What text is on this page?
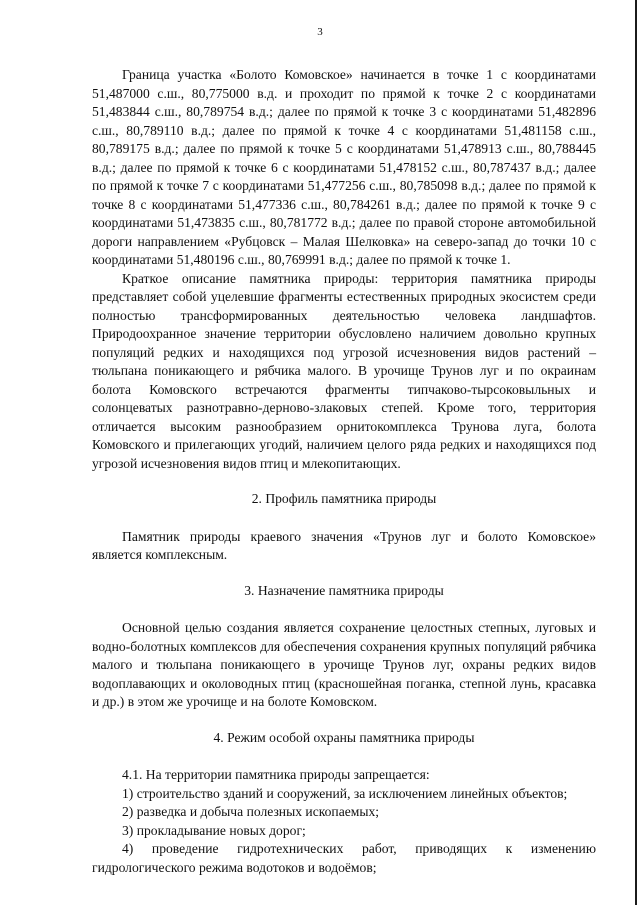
3

Граница участка «Болото Комовское» начинается в точке 1 с координатами 51,487000 с.ш., 80,775000 в.д. и проходит по прямой к точке 2 с координатами 51,483844 с.ш., 80,789754 в.д.; далее по прямой к точке 3 с координатами 51,482896 с.ш., 80,789110 в.д.; далее по прямой к точке 4 с координатами 51,481158 с.ш., 80,789175 в.д.; далее по прямой к точке 5 с координатами 51,478913 с.ш., 80,788445 в.д.; далее по прямой к точке 6 с координатами 51,478152 с.ш., 80,787437 в.д.; далее по прямой к точке 7 с координатами 51,477256 с.ш., 80,785098 в.д.; далее по прямой к точке 8 с координатами 51,477336 с.ш., 80,784261 в.д.; далее по прямой к точке 9 с координатами 51,473835 с.ш., 80,781772 в.д.; далее по правой стороне автомобильной дороги направлением «Рубцовск – Малая Шелковка» на северо-запад до точки 10 с координатами 51,480196 с.ш., 80,769991 в.д.; далее по прямой к точке 1.

Краткое описание памятника природы: территория памятника природы представляет собой уцелевшие фрагменты естественных природных экосистем среди полностью трансформированных деятельностью человека ландшафтов. Природоохранное значение территории обусловлено наличием довольно крупных популяций редких и находящихся под угрозой исчезновения видов растений – тюльпана поникающего и рябчика малого. В урочище Трунов луг и по окраинам болота Комовского встречаются фрагменты типчаково-тырсоковыльных и солонцеватых разнотравно-дерново-злаковых степей. Кроме того, территория отличается высоким разнообразием орнитокомплекса Трунова луга, болота Комовского и прилегающих угодий, наличием целого ряда редких и находящихся под угрозой исчезновения видов птиц и млекопитающих.

2. Профиль памятника природы

Памятник природы краевого значения «Трунов луг и болото Комовское» является комплексным.

3. Назначение памятника природы

Основной целью создания является сохранение целостных степных, луговых и водно-болотных комплексов для обеспечения сохранения крупных популяций рябчика малого и тюльпана поникающего в урочище Трунов луг, охраны редких видов водоплавающих и околоводных птиц (красношейная поганка, степной лунь, красавка и др.) в этом же урочище и на болоте Комовском.

4. Режим особой охраны памятника природы

4.1. На территории памятника природы запрещается:

1) строительство зданий и сооружений, за исключением линейных объектов;

2) разведка и добыча полезных ископаемых;

3) прокладывание новых дорог;

4) проведение гидротехнических работ, приводящих к изменению гидрологического режима водотоков и водоёмов;
